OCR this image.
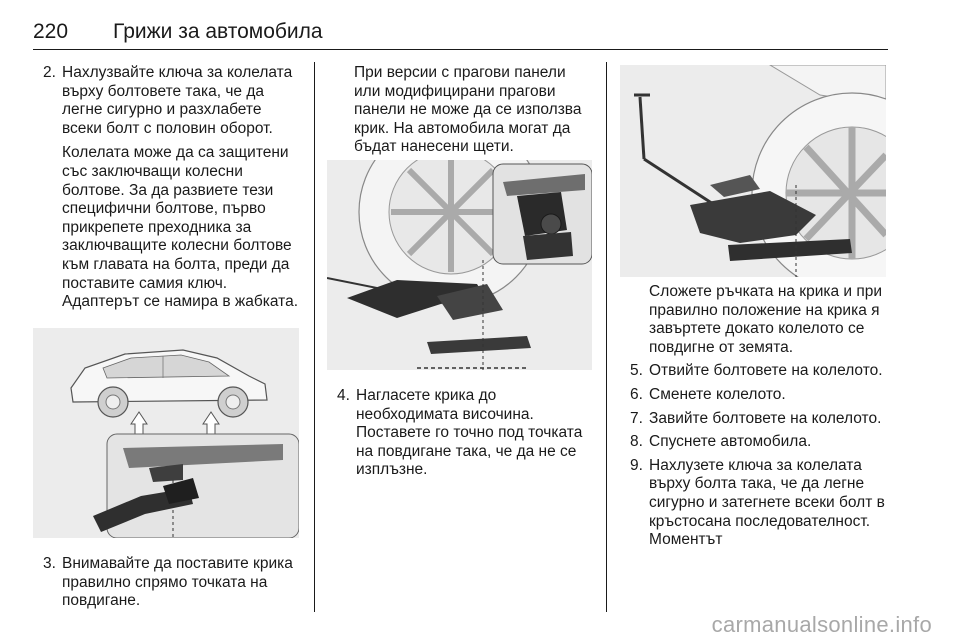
220 Грижи за автомобила
2. Нахлузвайте ключа за колелата върху болтовете така, че да легне сигурно и разхлабете всеки болт с половин оборот.

Колелата може да са защитени със заключващи колесни болтове. За да развиете тези специфични болтове, първо прикрепете преходника за заключващите колесни болтове към главата на болта, преди да поставите самия ключ. Адаптерът се намира в жабката.

3. Внимавайте да поставите крика правилно спрямо точката на повдигане.

При версии с прагови панели или модифицирани прагови панели не може да се използва крик. На автомобила могат да бъдат нанесени щети.

4. Нагласете крика до необходимата височина. Поставете го точно под точката на повдигане така, че да не се изплъзне.

Сложете ръчката на крика и при правилно положение на крика я завъртете докато колелото се повдигне от земята.

5. Отвийте болтовете на колелото.

6. Сменете колелото.

7. Завийте болтовете на колелото.

8. Спуснете автомобила.

9. Нахлузете ключа за колелата върху болта така, че да легне сигурно и затегнете всеки болт в кръстосана последователност. Моментът

carmanualsonline.info
